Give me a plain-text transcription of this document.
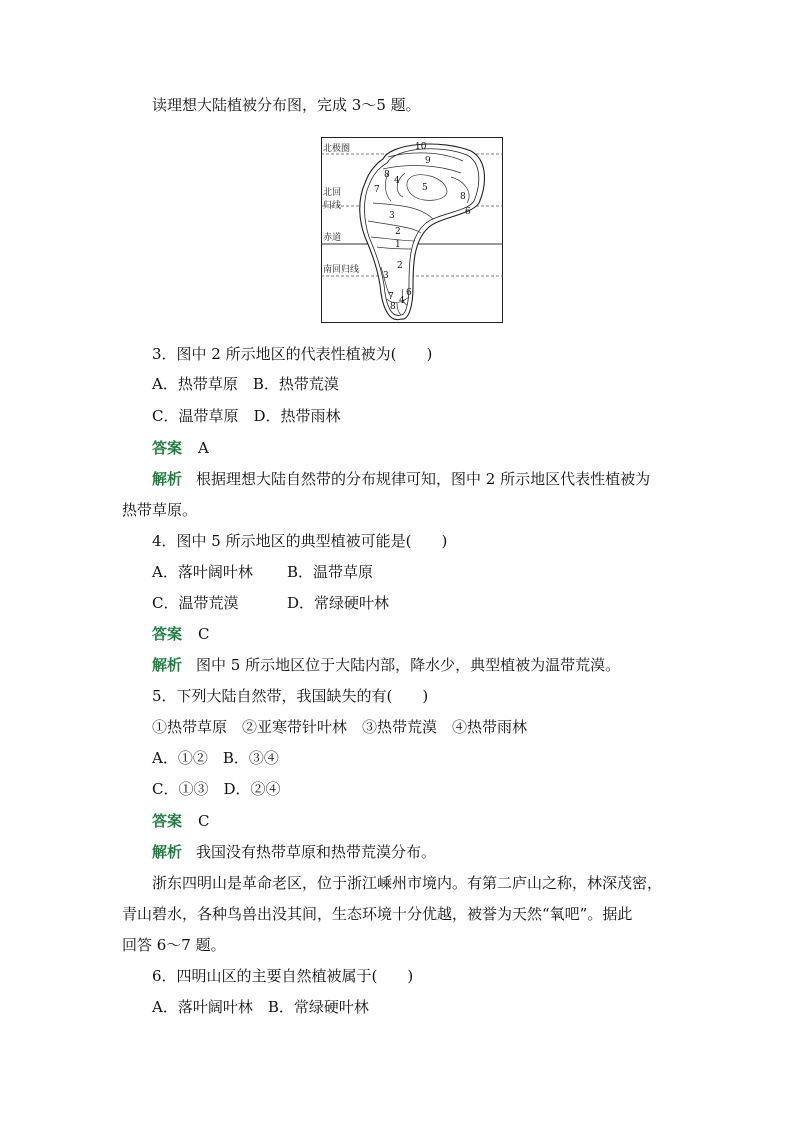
读理想大陆植被分布图，完成 3～5 题。
北极圈
北回
归线
赤道
南回归线
10
9
8
7
4
5
8
6
3
2
1
2
3
7 4
6
8
3．图中 2 所示地区的代表性植被为(　　)
A．热带草原　B．热带荒漠
C．温带草原　D．热带雨林
答案 A
解析 根据理想大陆自然带的分布规律可知，图中 2 所示地区代表性植被为
热带草原。
4．图中 5 所示地区的典型植被可能是(　　)
A．落叶阔叶林 B．温带草原
C．温带荒漠	D．常绿硬叶林
答案 C
解析 图中 5 所示地区位于大陆内部，降水少，典型植被为温带荒漠。
5．下列大陆自然带，我国缺失的有(　　)
①热带草原　②亚寒带针叶林　③热带荒漠　④热带雨林
A．①②　B．③④
C．①③　D．②④
答案 C
解析 我国没有热带草原和热带荒漠分布。
浙东四明山是革命老区，位于浙江嵊州市境内。有第二庐山之称，林深茂密，
青山碧水，各种鸟兽出没其间，生态环境十分优越，被誉为天然“氧吧”。据此
回答 6～7 题。
6．四明山区的主要自然植被属于(　　)
A．落叶阔叶林　B．常绿硬叶林
